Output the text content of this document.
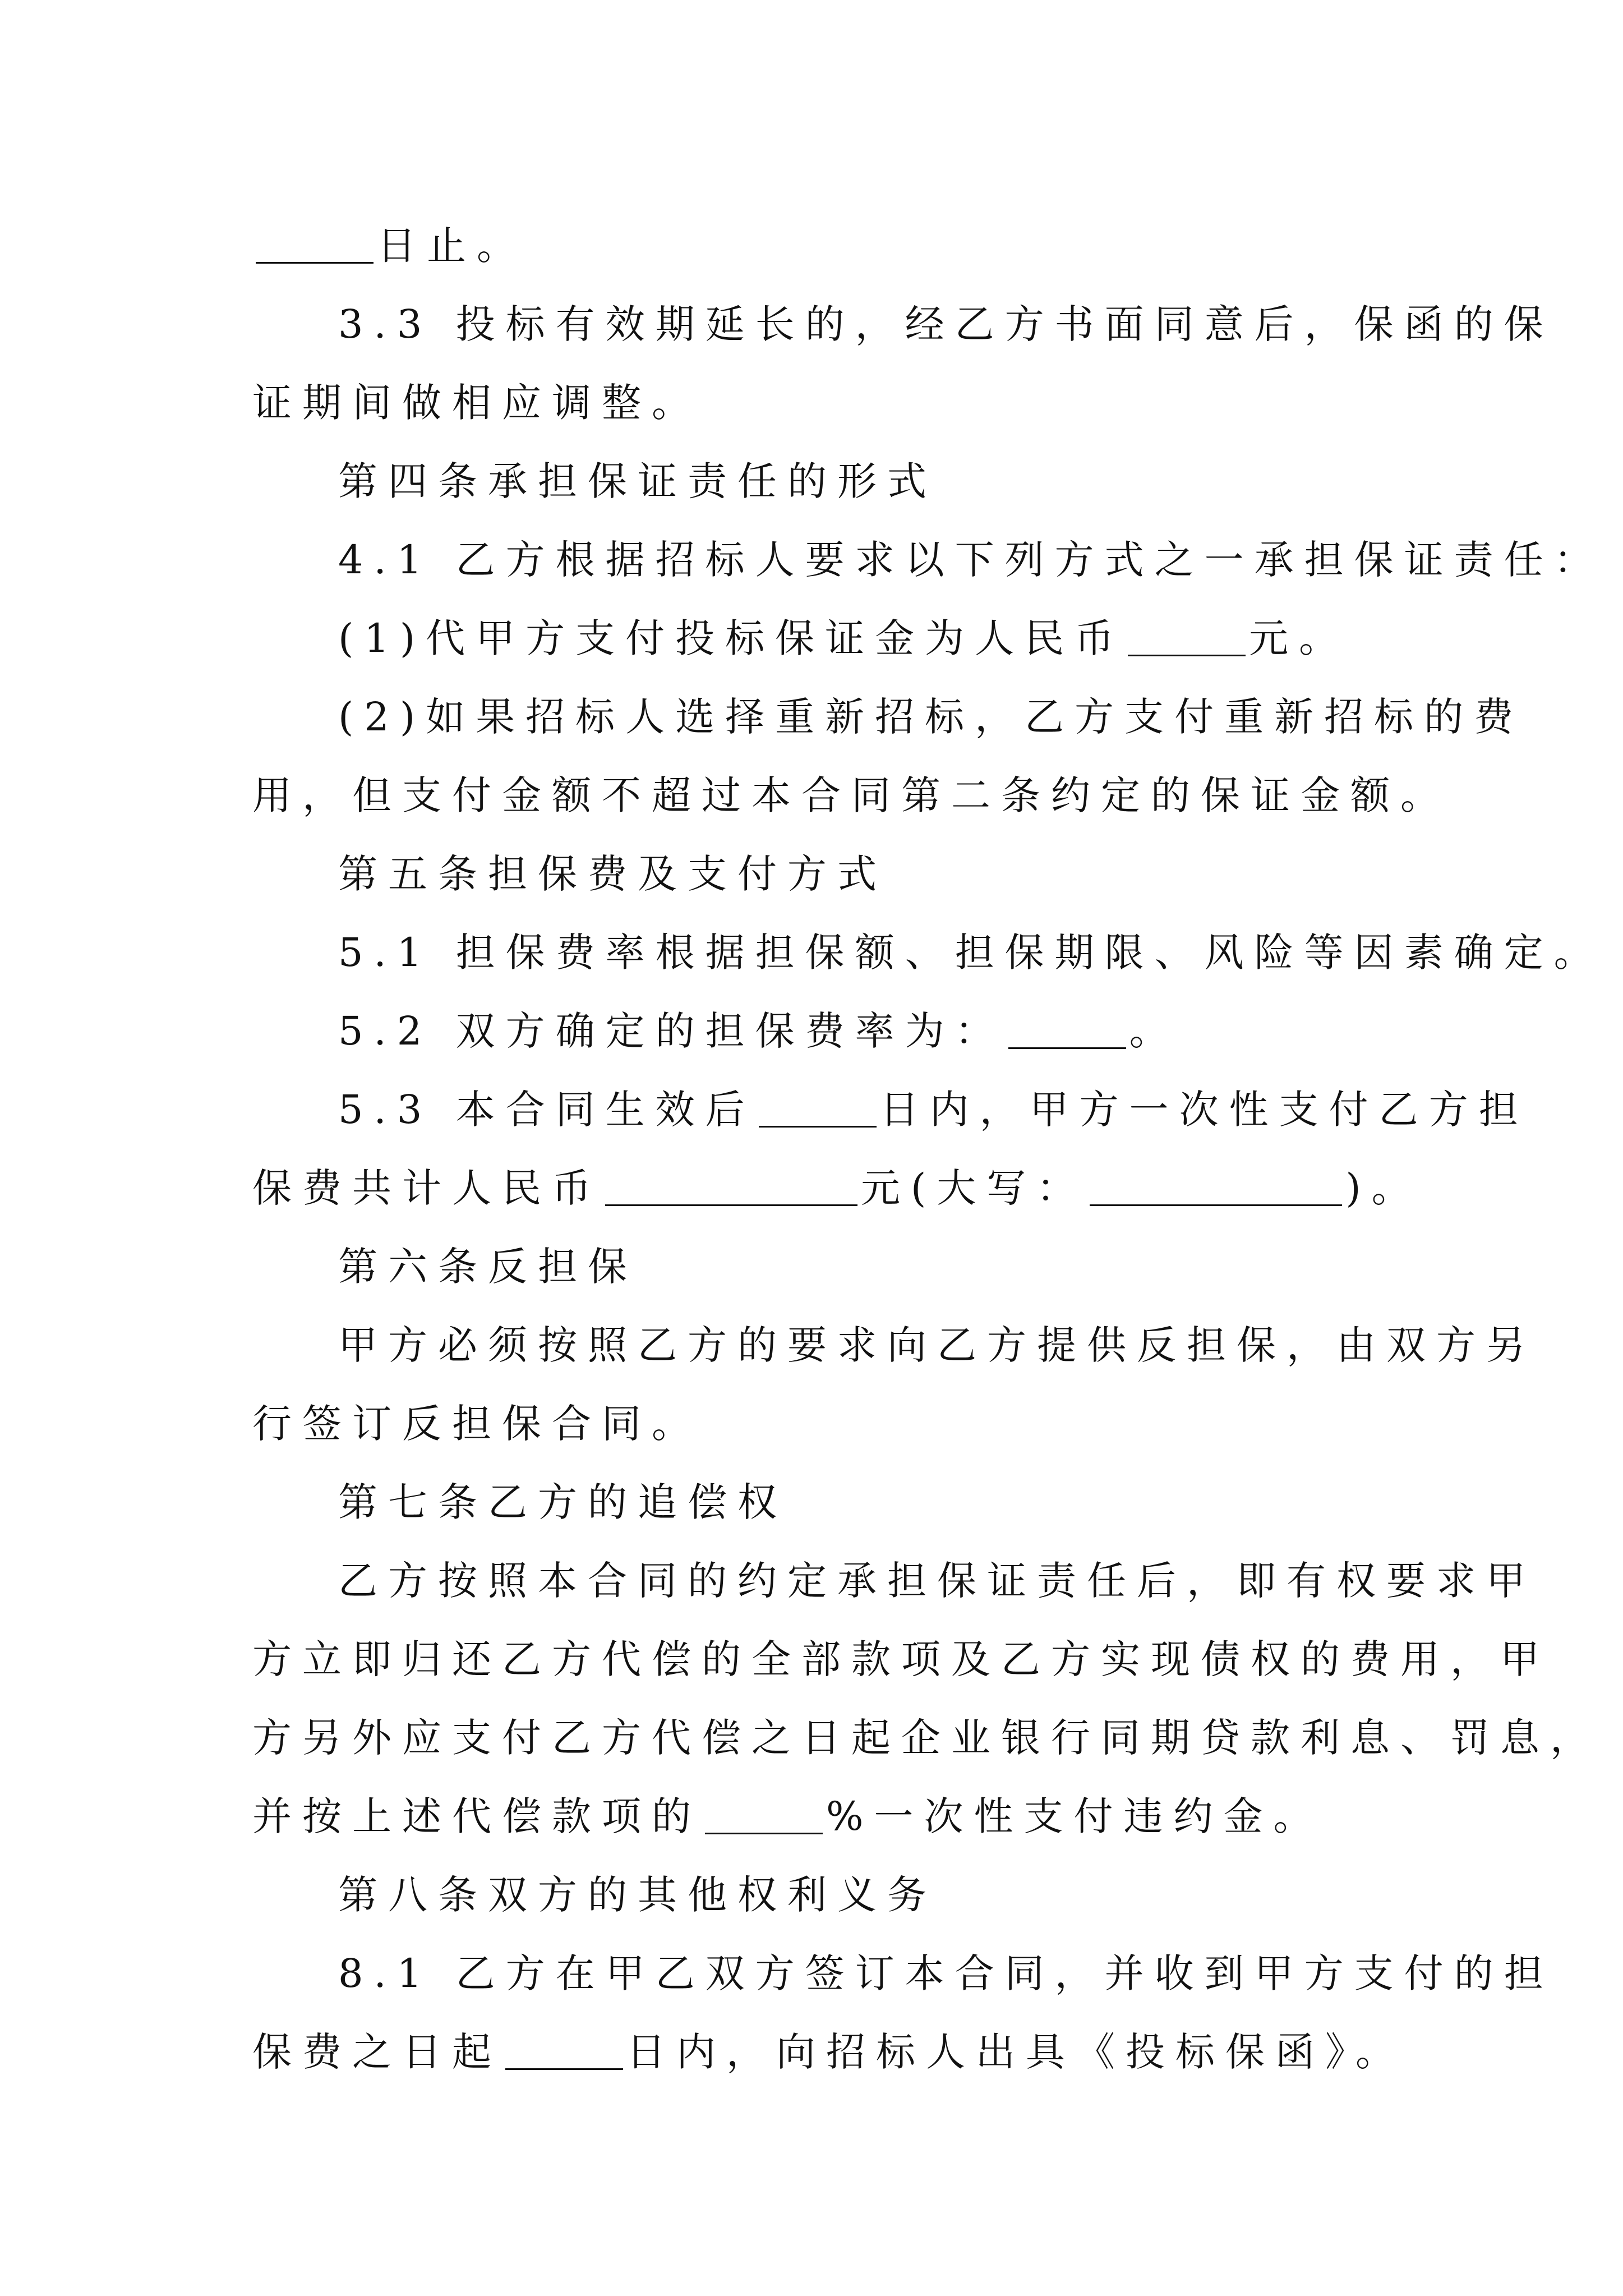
日止。
3.3 投标有效期延长的，经乙方书面同意后，保函的保
证期间做相应调整。
第四条承担保证责任的形式
4.1 乙方根据招标人要求以下列方式之一承担保证责任：
(1)代甲方支付投标保证金为人民币	元。
(2)如果招标人选择重新招标，乙方支付重新招标的费
用，但支付金额不超过本合同第二条约定的保证金额。
第五条担保费及支付方式
5.1 担保费率根据担保额、担保期限、风险等因素确定。
5.2 双方确定的担保费率为：	。
5.3 本合同生效后	日内，甲方一次性支付乙方担
保费共计人民币	元(大写：	)。
第六条反担保
甲方必须按照乙方的要求向乙方提供反担保，由双方另
行签订反担保合同。
第七条乙方的追偿权
乙方按照本合同的约定承担保证责任后，即有权要求甲
方立即归还乙方代偿的全部款项及乙方实现债权的费用，甲
方另外应支付乙方代偿之日起企业银行同期贷款利息、罚息，
并按上述代偿款项的	%一次性支付违约金。
第八条双方的其他权利义务
8.1 乙方在甲乙双方签订本合同，并收到甲方支付的担
保费之日起	日内，向招标人出具《投标保函》。
